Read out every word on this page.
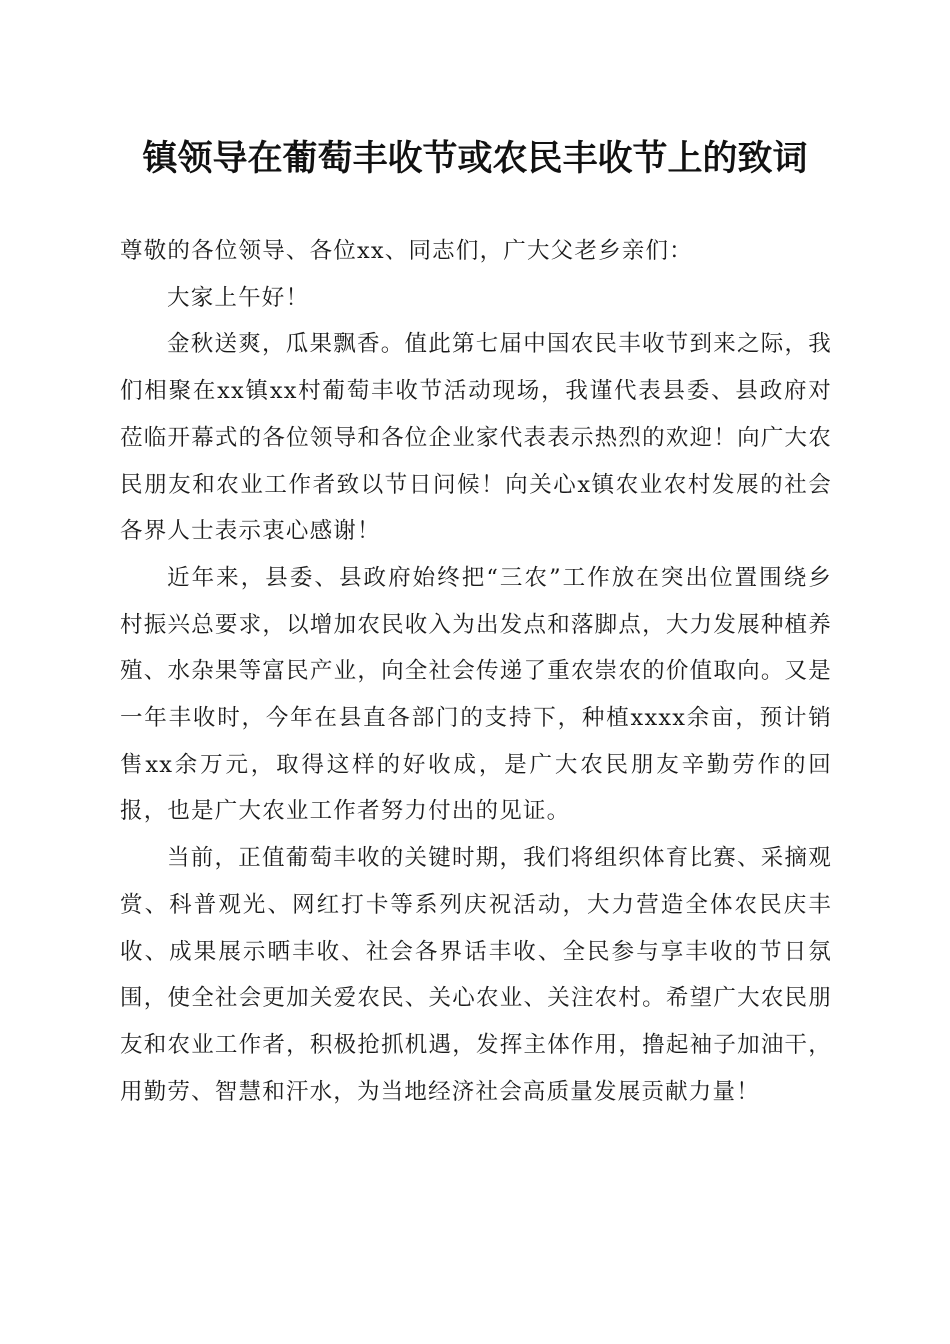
镇领导在葡萄丰收节或农民丰收节上的致词

尊敬的各位领导、各位xx、同志们，广大父老乡亲们：

大家上午好！

金秋送爽，瓜果飘香。值此第七届中国农民丰收节到来之际，我们相聚在xx镇xx村葡萄丰收节活动现场，我谨代表县委、县政府对莅临开幕式的各位领导和各位企业家代表表示热烈的欢迎！向广大农民朋友和农业工作者致以节日问候！向关心x镇农业农村发展的社会各界人士表示衷心感谢！

近年来，县委、县政府始终把“三农”工作放在突出位置围绕乡村振兴总要求，以增加农民收入为出发点和落脚点，大力发展种植养殖、水杂果等富民产业，向全社会传递了重农崇农的价值取向。又是一年丰收时，今年在县直各部门的支持下，种植xxxx余亩，预计销售xx余万元，取得这样的好收成，是广大农民朋友辛勤劳作的回报，也是广大农业工作者努力付出的见证。

当前，正值葡萄丰收的关键时期，我们将组织体育比赛、采摘观赏、科普观光、网红打卡等系列庆祝活动，大力营造全体农民庆丰收、成果展示晒丰收、社会各界话丰收、全民参与享丰收的节日氛围，使全社会更加关爱农民、关心农业、关注农村。希望广大农民朋友和农业工作者，积极抢抓机遇，发挥主体作用，撸起袖子加油干，用勤劳、智慧和汗水，为当地经济社会高质量发展贡献力量！
